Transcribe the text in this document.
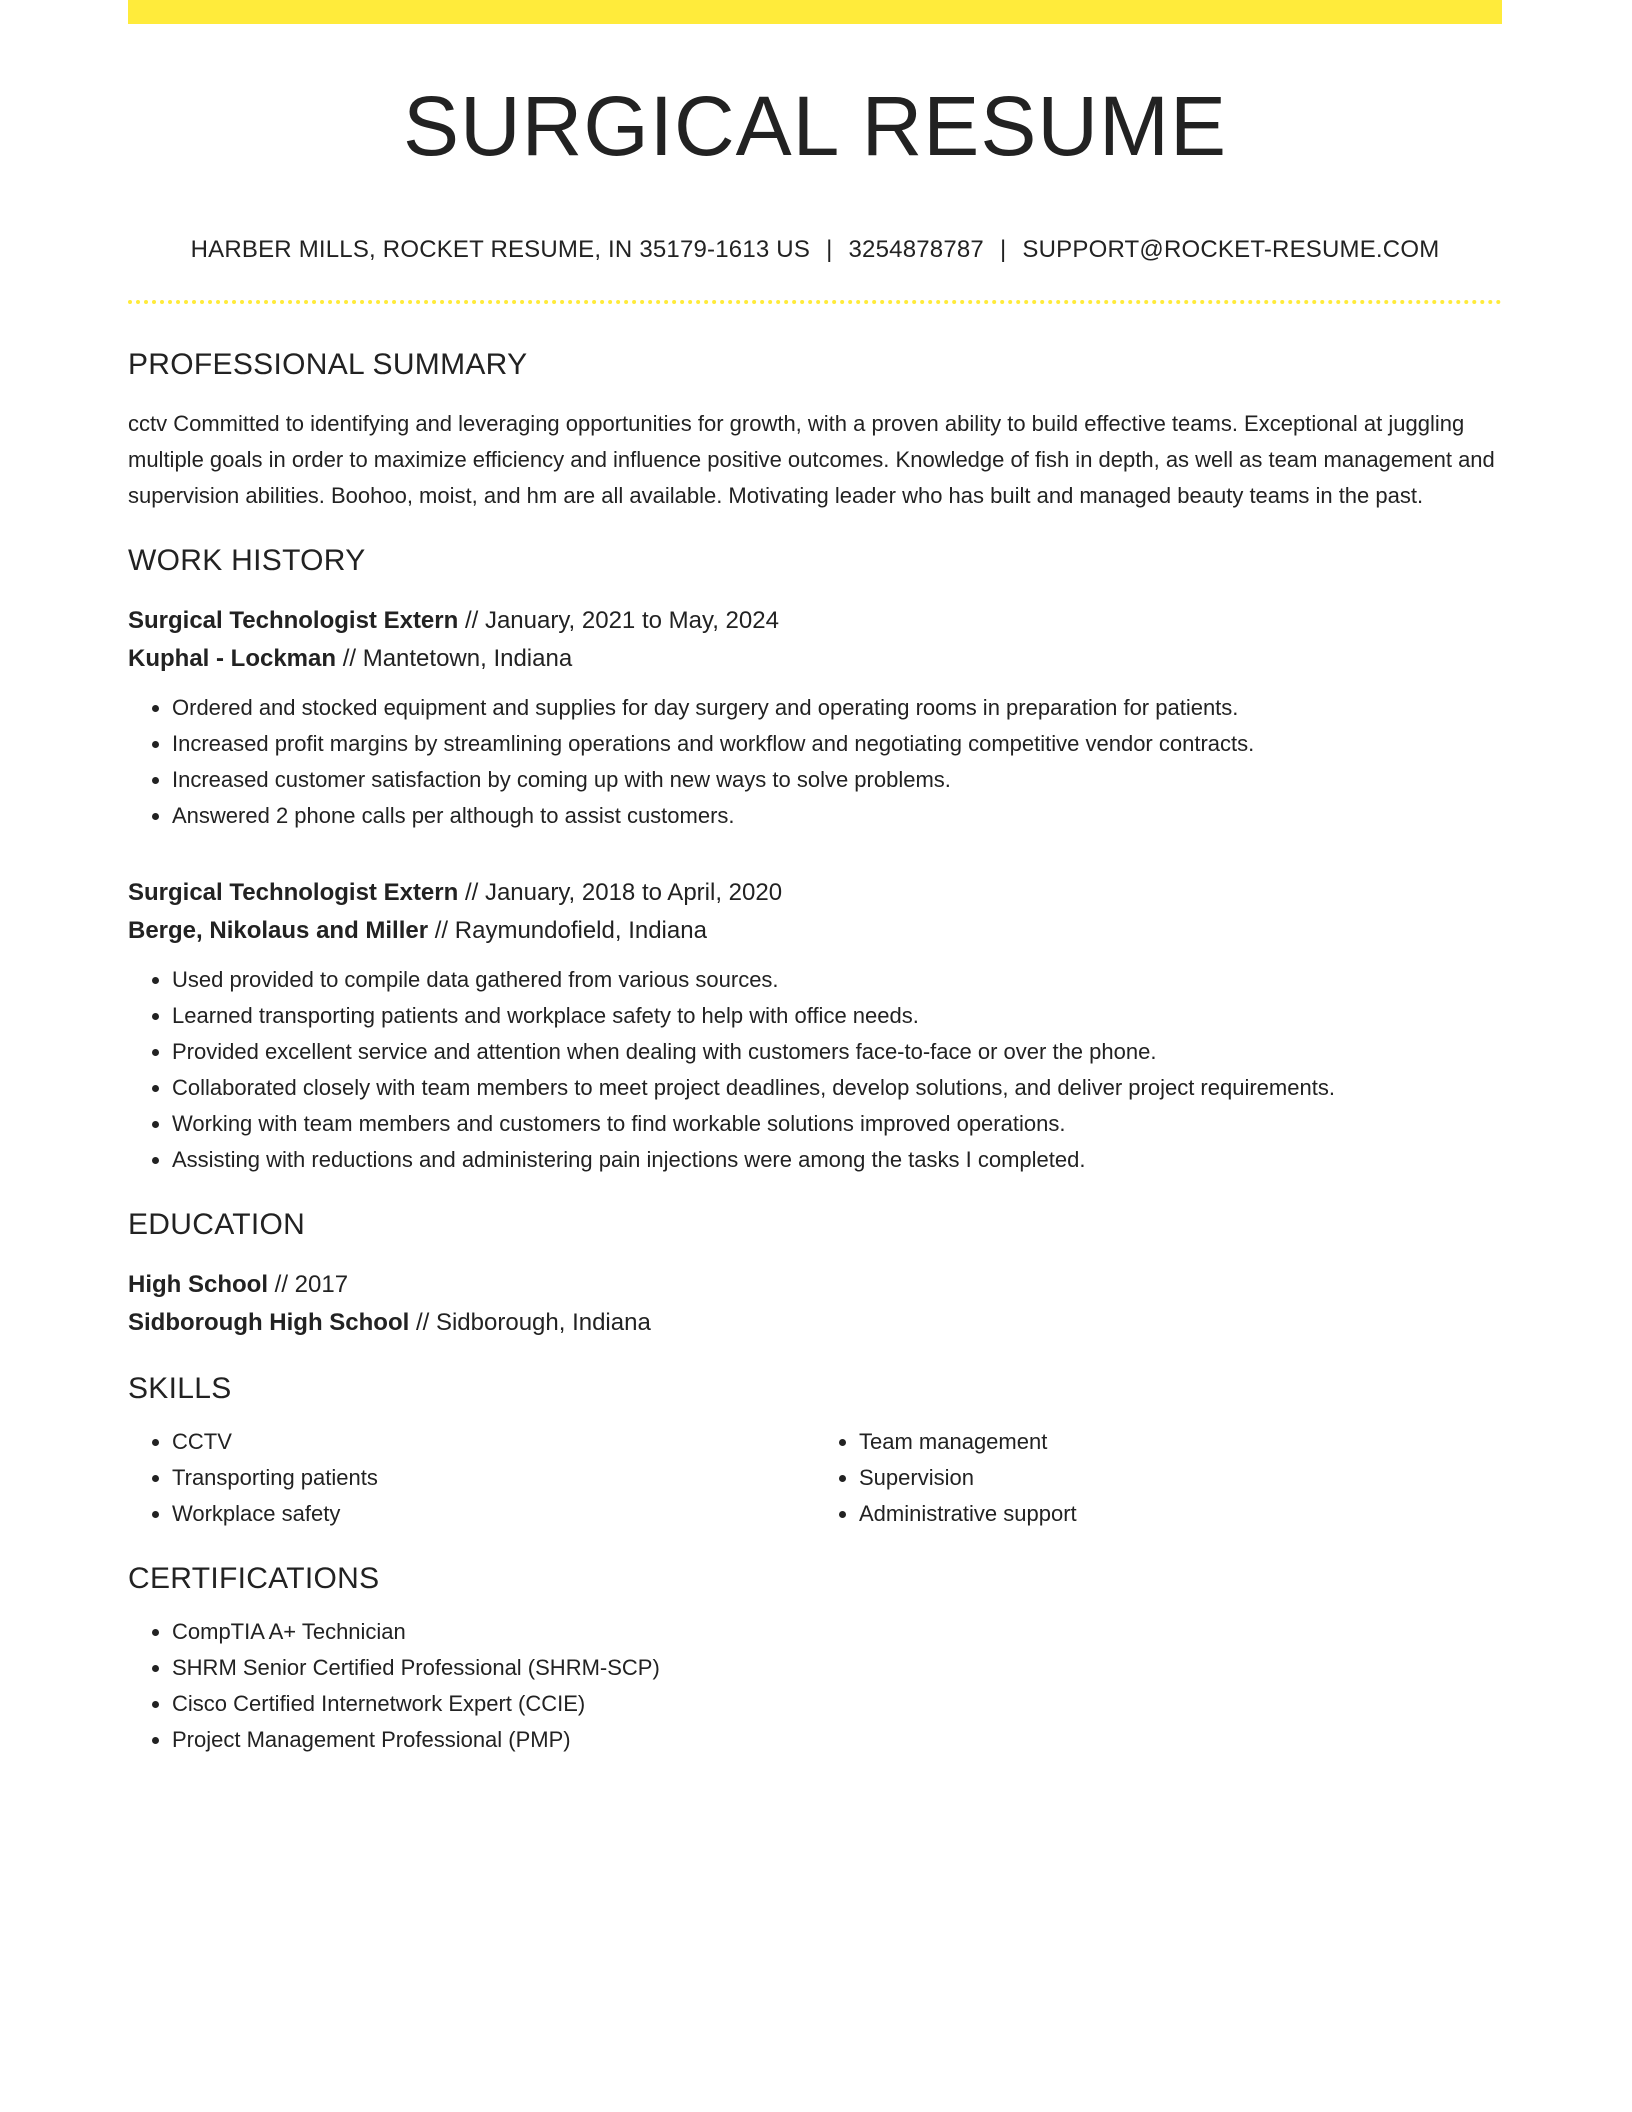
SURGICAL RESUME
HARBER MILLS, ROCKET RESUME, IN 35179-1613 US | 3254878787 | SUPPORT@ROCKET-RESUME.COM
PROFESSIONAL SUMMARY

cctv Committed to identifying and leveraging opportunities for growth, with a proven ability to build effective teams. Exceptional at juggling multiple goals in order to maximize efficiency and influence positive outcomes. Knowledge of fish in depth, as well as team management and supervision abilities. Boohoo, moist, and hm are all available. Motivating leader who has built and managed beauty teams in the past.

WORK HISTORY
Surgical Technologist Extern // January, 2021 to May, 2024
Kuphal - Lockman // Mantetown, Indiana
• Ordered and stocked equipment and supplies for day surgery and operating rooms in preparation for patients.
• Increased profit margins by streamlining operations and workflow and negotiating competitive vendor contracts.
• Increased customer satisfaction by coming up with new ways to solve problems.
• Answered 2 phone calls per although to assist customers.
Surgical Technologist Extern // January, 2018 to April, 2020
Berge, Nikolaus and Miller // Raymundofield, Indiana
• Used provided to compile data gathered from various sources.
• Learned transporting patients and workplace safety to help with office needs.
• Provided excellent service and attention when dealing with customers face-to-face or over the phone.
• Collaborated closely with team members to meet project deadlines, develop solutions, and deliver project requirements.
• Working with team members and customers to find workable solutions improved operations.
• Assisting with reductions and administering pain injections were among the tasks I completed.
EDUCATION
High School // 2017
Sidborough High School // Sidborough, Indiana
SKILLS
• CCTV
• Transporting patients
• Workplace safety
• Team management
• Supervision
• Administrative support
CERTIFICATIONS
• CompTIA A+ Technician
• SHRM Senior Certified Professional (SHRM-SCP)
• Cisco Certified Internetwork Expert (CCIE)
• Project Management Professional (PMP)
